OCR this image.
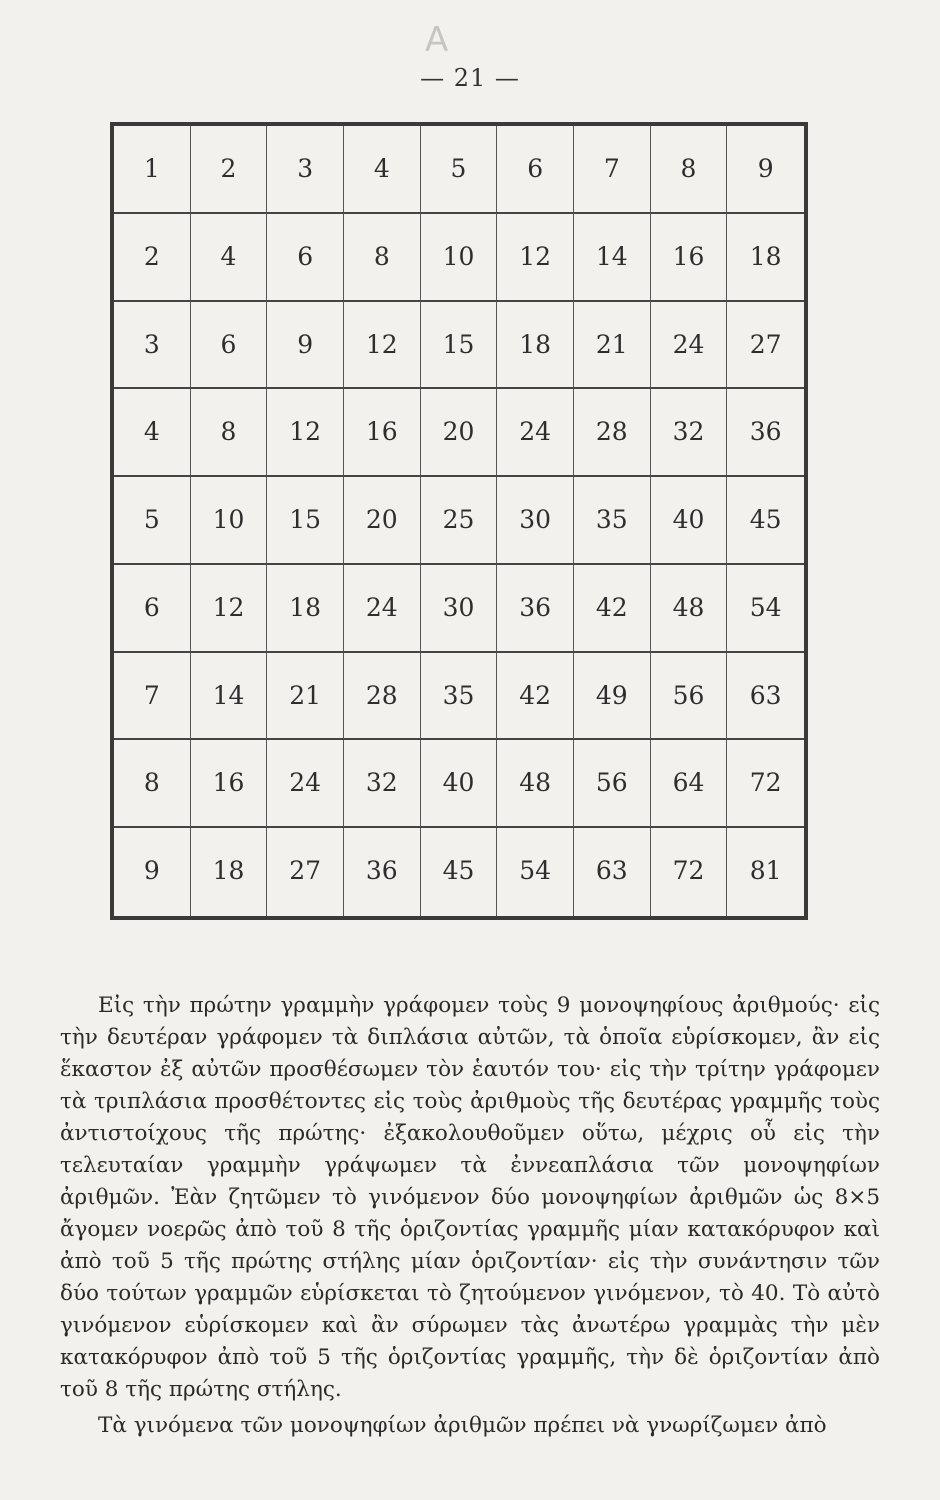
A
— 21 —
1	2	3	4	5	6	7	8	9
2	4	6	8	10	12	14	16	18
3	6	9	12	15	18	21	24	27
4	8	12	16	20	24	28	32	36
5	10	15	20	25	30	35	40	45
6	12	18	24	30	36	42	48	54
7	14	21	28	35	42	49	56	63
8	16	24	32	40	48	56	64	72
9	18	27	36	45	54	63	72	81

Εἰς τὴν πρώτην γραμμὴν γράφομεν τοὺς 9 μονοψηφίους ἀριθμούς· εἰς τὴν δευτέραν γράφομεν τὰ διπλάσια αὐτῶν, τὰ ὁποῖα εὑρίσκομεν, ἂν εἰς ἕκαστον ἐξ αὐτῶν προσθέσωμεν τὸν ἑαυτόν του· εἰς τὴν τρίτην γράφομεν τὰ τριπλάσια προσθέτοντες εἰς τοὺς ἀριθμοὺς τῆς δευτέρας γραμμῆς τοὺς ἀντιστοίχους τῆς πρώτης· ἐξακολουθοῦμεν οὕτω, μέχρις οὗ εἰς τὴν τελευταίαν γραμμὴν γράψωμεν τὰ ἐννεαπλάσια τῶν μονοψηφίων ἀριθμῶν. Ἐὰν ζητῶμεν τὸ γινόμενον δύο μονοψηφίων ἀριθμῶν ὡς 8×5 ἄγομεν νοερῶς ἀπὸ τοῦ 8 τῆς ὁριζοντίας γραμμῆς μίαν κατακόρυφον καὶ ἀπὸ τοῦ 5 τῆς πρώτης στήλης μίαν ὁριζοντίαν· εἰς τὴν συνάντησιν τῶν δύο τούτων γραμμῶν εὑρίσκεται τὸ ζητούμενον γινόμενον, τὸ 40. Τὸ αὐτὸ γινόμενον εὑρίσκομεν καὶ ἂν σύρωμεν τὰς ἀνωτέρω γραμμὰς τὴν μὲν κατακόρυφον ἀπὸ τοῦ 5 τῆς ὁριζοντίας γραμμῆς, τὴν δὲ ὁριζοντίαν ἀπὸ τοῦ 8 τῆς πρώτης στήλης.

Τὰ γινόμενα τῶν μονοψηφίων ἀριθμῶν πρέπει νὰ γνωρίζωμεν ἀπὸ
